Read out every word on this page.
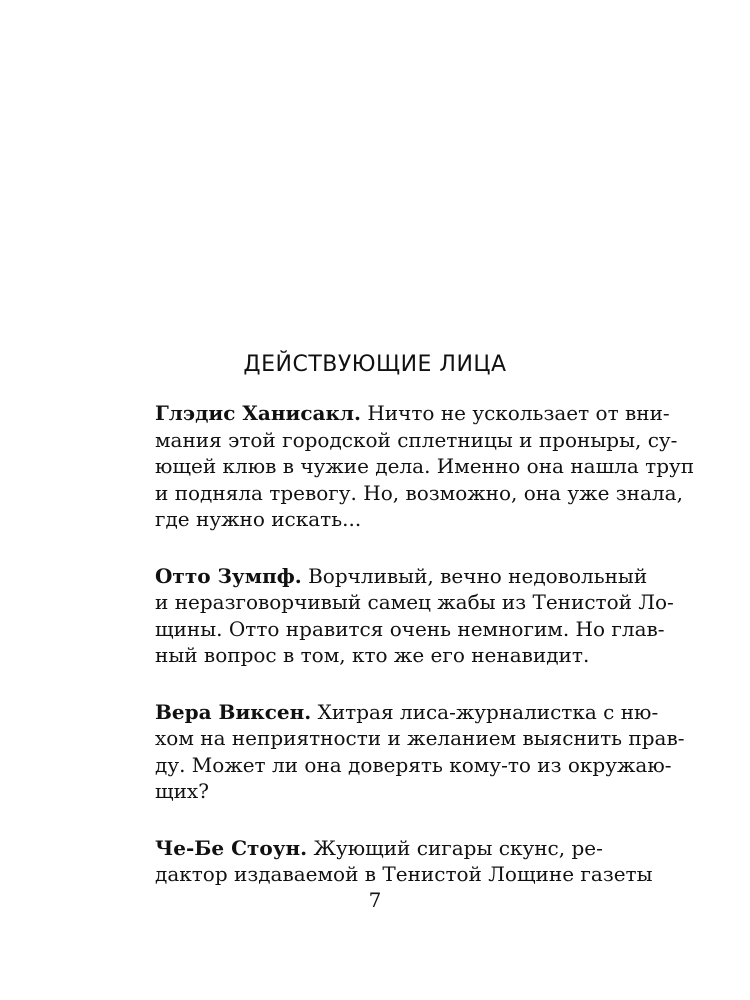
ДЕЙСТВУЮЩИЕ ЛИЦА
Глэдис Ханисакл. Ничто не ускользает от вни-
мания этой городской сплетницы и проныры, су-
ющей клюв в чужие дела. Именно она нашла труп
и подняла тревогу. Но, возможно, она уже знала,
где нужно искать...
Отто Зумпф. Ворчливый, вечно недовольный
и неразговорчивый самец жабы из Тенистой Ло-
щины. Отто нравится очень немногим. Но глав-
ный вопрос в том, кто же его ненавидит.
Вера Виксен. Хитрая лиса-журналистка с ню-
хом на неприятности и желанием выяснить прав-
ду. Может ли она доверять кому-то из окружаю-
щих?
Че-Бе Стоун. Жующий сигары скунс, ре-
дактор издаваемой в Тенистой Лощине газеты
7
